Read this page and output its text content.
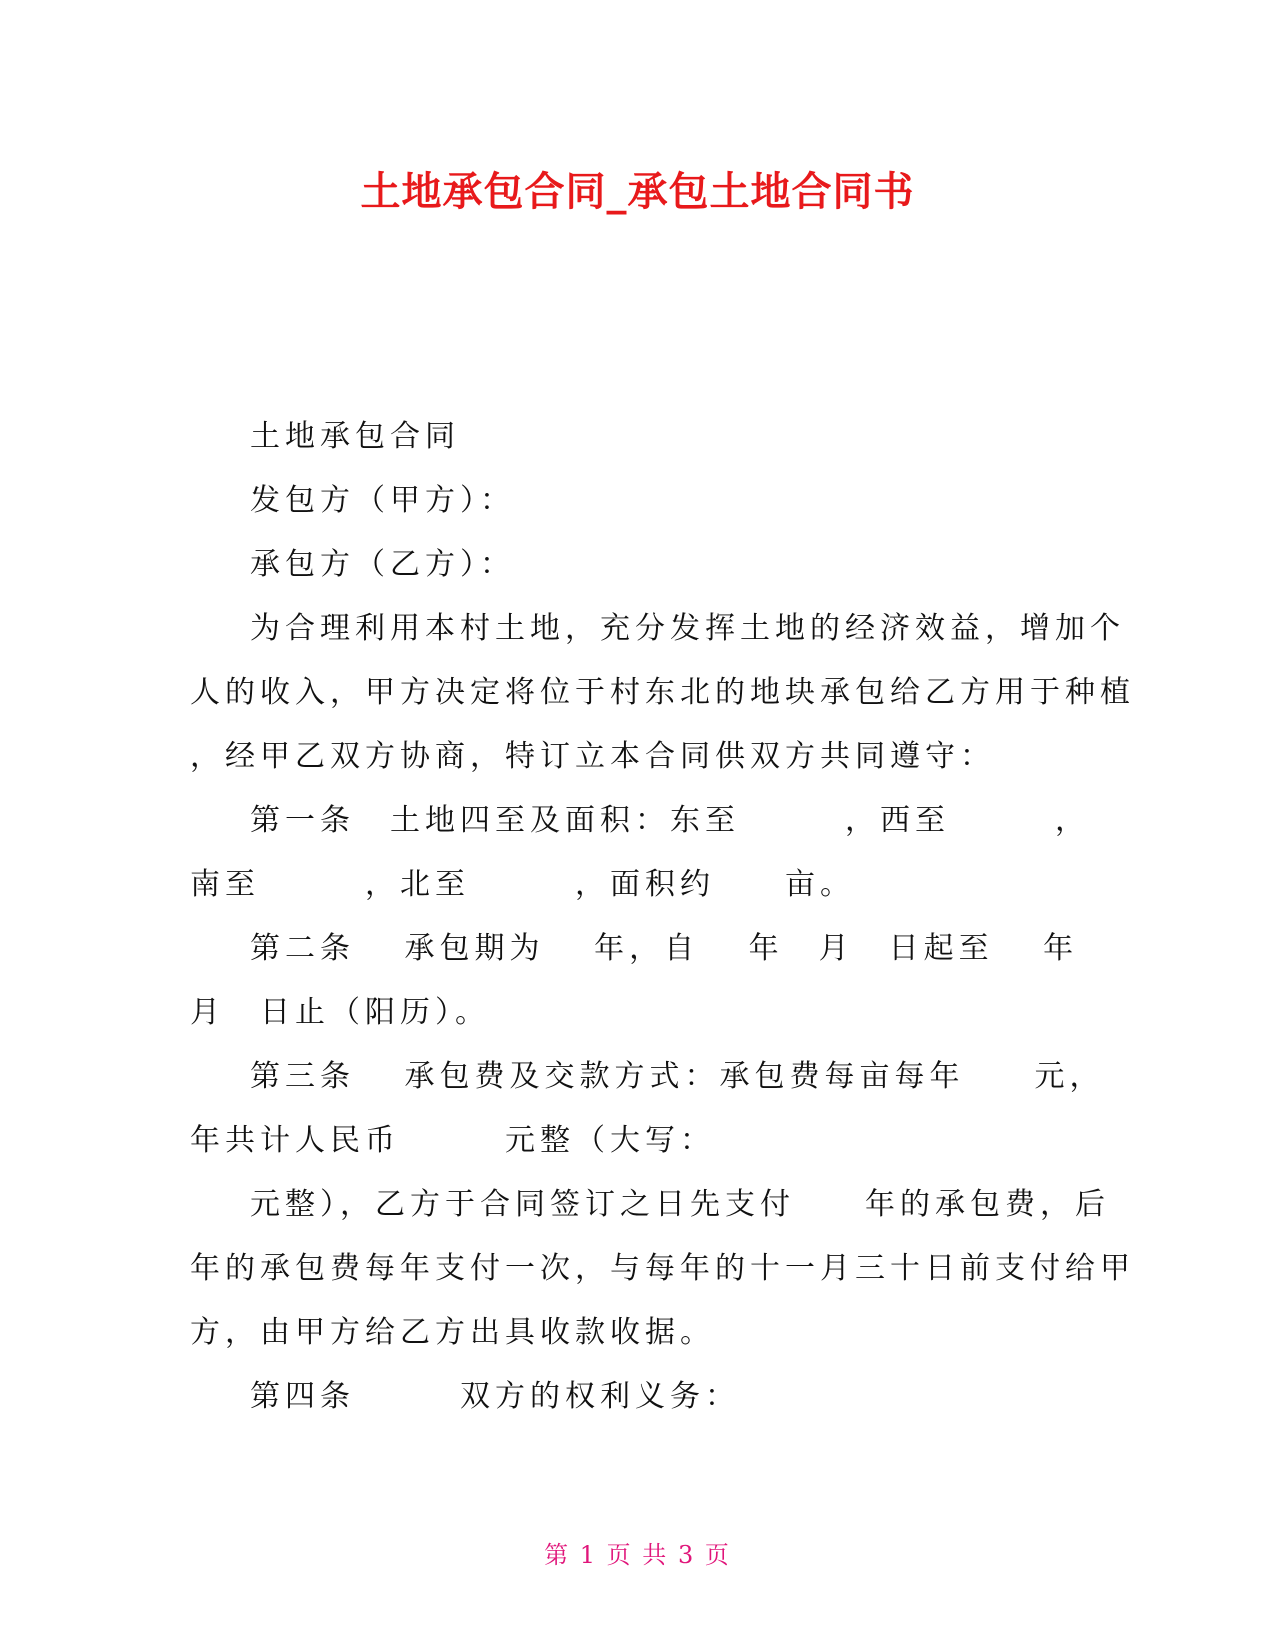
土地承包合同_承包土地合同书
土地承包合同
发包方（甲方）：
承包方（乙方）：
为合理利用本村土地，充分发挥土地的经济效益，增加个
人的收入，甲方决定将位于村东北的地块承包给乙方用于种植
，经甲乙双方协商，特订立本合同供双方共同遵守：
第一条　土地四至及面积：东至　　　，西至　　　，
南至　　　，北至　　　，面积约　　亩。
第二条　 承包期为　 年，自　 年　月　日起至　 年
月　日止（阳历）。
第三条　 承包费及交款方式：承包费每亩每年　　元，
年共计人民币　　　元整（大写：
元整），乙方于合同签订之日先支付　　年的承包费，后
年的承包费每年支付一次，与每年的十一月三十日前支付给甲
方，由甲方给乙方出具收款收据。
第四条　　　双方的权利义务：
第 1 页 共 3 页
